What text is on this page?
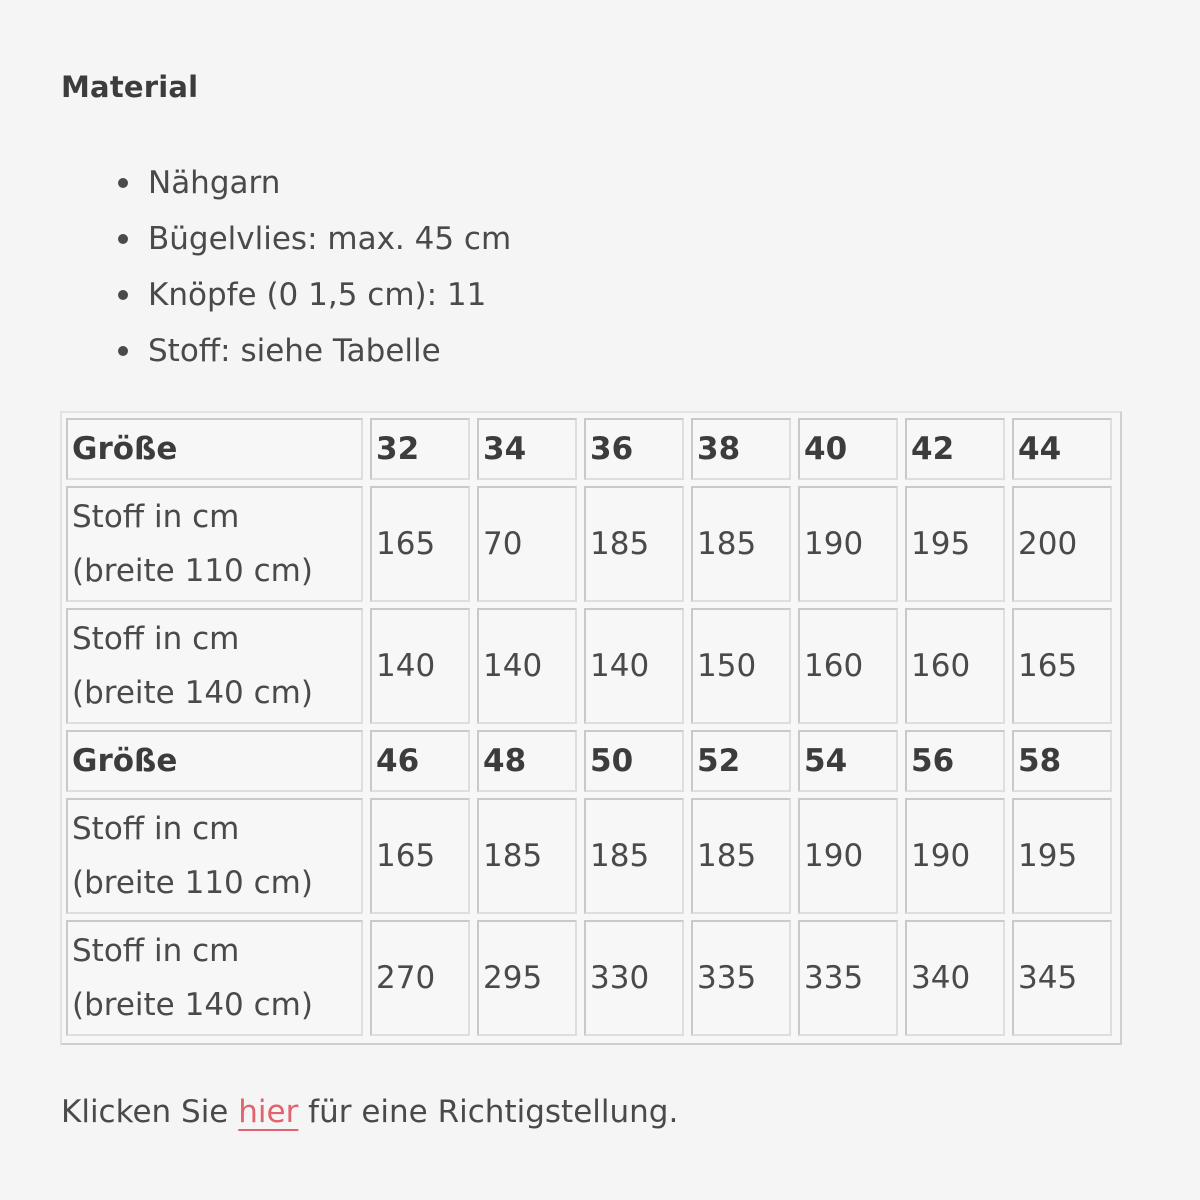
Material
Nähgarn
Bügelvlies: max. 45 cm
Knöpfe (0 1,5 cm): 11
Stoff: siehe Tabelle
Größe	32	34	36	38	40	42	44
Stoff in cm
(breite 110 cm)	165	70	185	185	190	195	200
Stoff in cm
(breite 140 cm)	140	140	140	150	160	160	165
Größe	46	48	50	52	54	56	58
Stoff in cm
(breite 110 cm)	165	185	185	185	190	190	195
Stoff in cm
(breite 140 cm)	270	295	330	335	335	340	345

Klicken Sie hier für eine Richtigstellung.
